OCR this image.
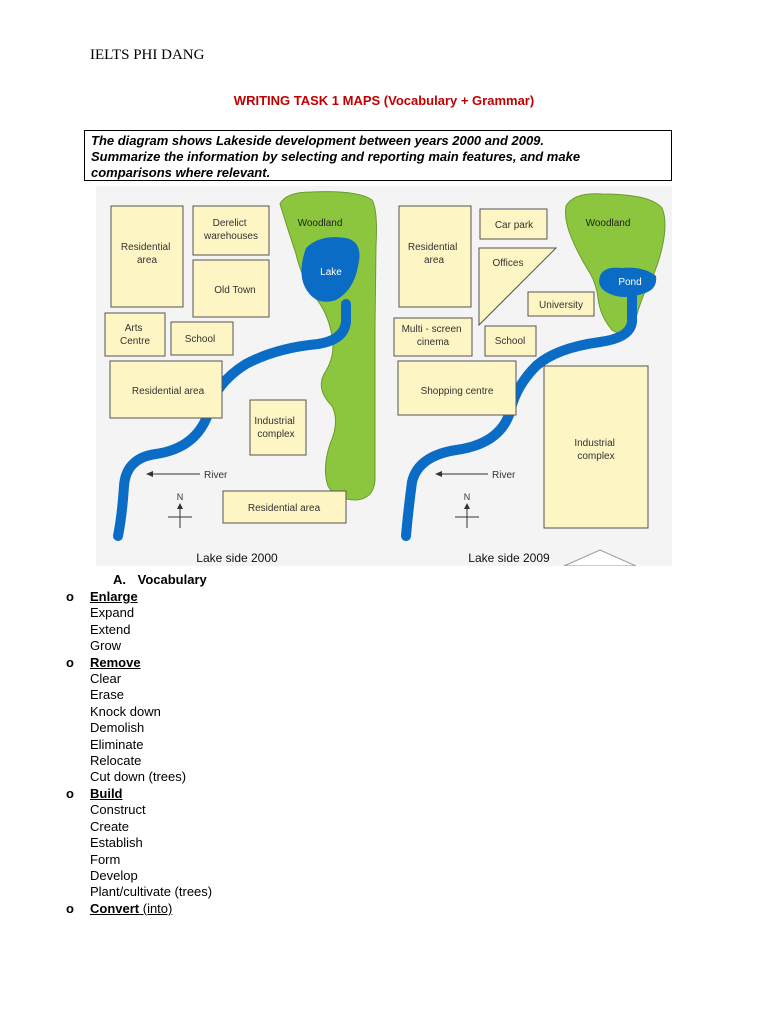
IELTS PHI DANG
WRITING TASK 1 MAPS (Vocabulary + Grammar)
The diagram shows Lakeside development between years 2000 and 2009.
Summarize the information by selecting and reporting main features, and make
comparisons where relevant.
Residential area
Derelict warehouses
Old Town
Woodland
Lake
Arts Centre	School
Residential area
Industrial complex
River
N
Residential area
Lake side 2000
Residential area
Car park
Offices
Woodland
Pond
University
Multi - screen cinema	School
Shopping centre
Industrial complex
River
N
Lake side 2009
A. Vocabulary
o Enlarge
Expand
Extend
Grow
o Remove
Clear
Erase
Knock down
Demolish
Eliminate
Relocate
Cut down (trees)
o Build
Construct
Create
Establish
Form
Develop
Plant/cultivate (trees)
o Convert (into)
